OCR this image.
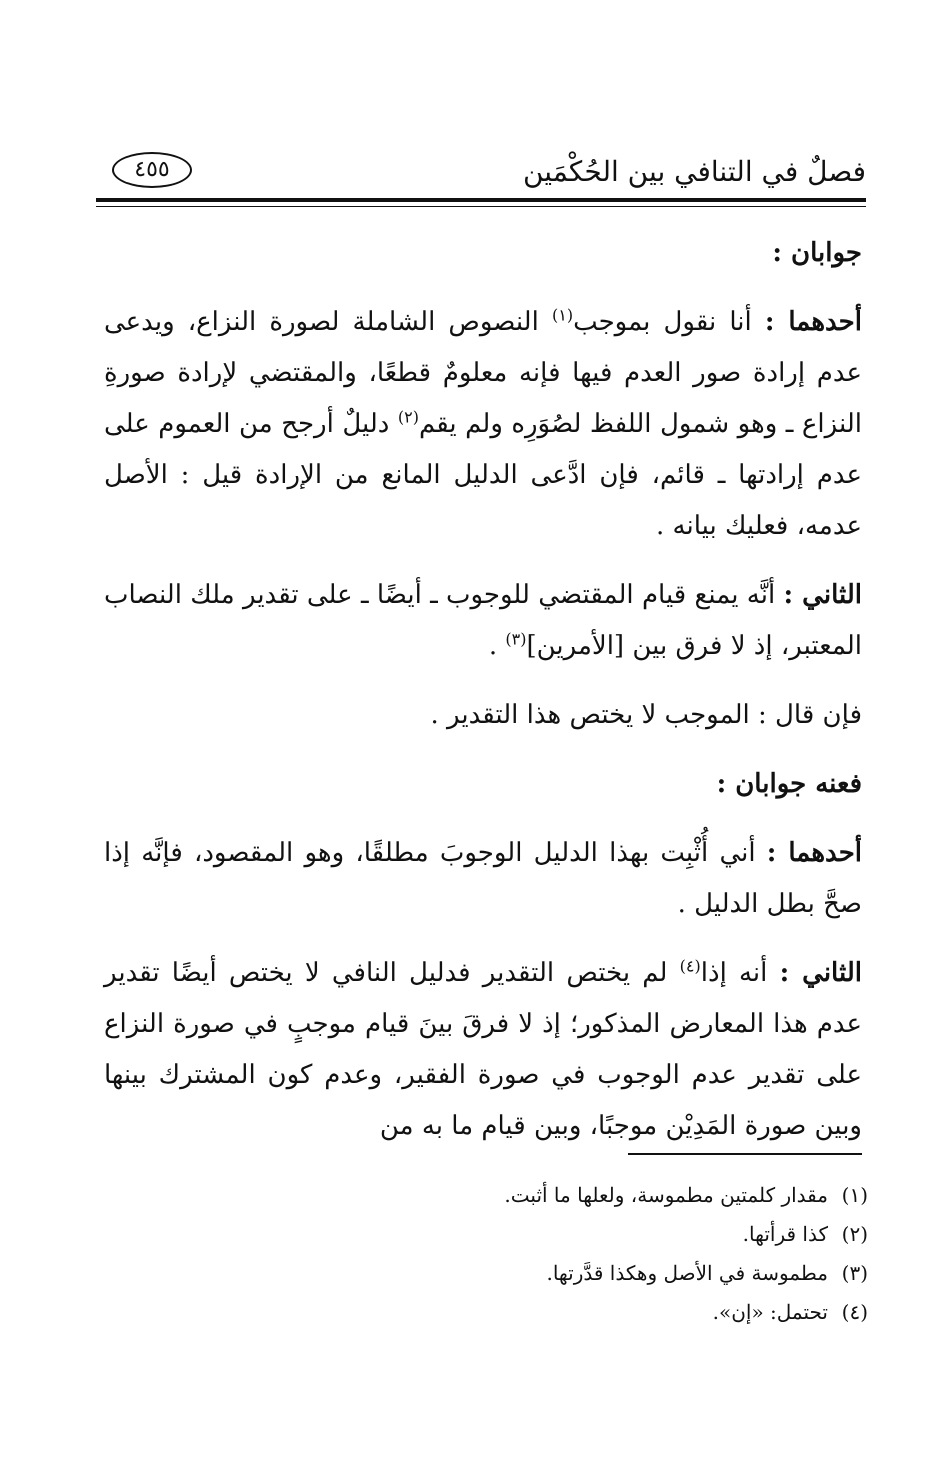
فصلٌ في التنافي بين الحُكْمَين
٤٥٥

جوابان :

أحدهما : أنا نقول بموجب$^{(١)}$ النصوص الشاملة لصورة النزاع، ويدعى عدم إرادة صور العدم فيها فإنه معلومٌ قطعًا، والمقتضي لإرادة صورةِ النزاع ـ وهو شمول اللفظ لصُوَرِه ولم يقم$^{(٢)}$ دليلٌ أرجح من العموم على عدم إرادتها ـ قائم، فإن ادَّعى الدليل المانع من الإرادة قيل : الأصل عدمه، فعليك بيانه .

الثاني : أنَّه يمنع قيام المقتضي للوجوب ـ أيضًا ـ على تقدير ملك النصاب المعتبر، إذ لا فرق بين [الأمرين]$^{(٣)}$ .

فإن قال : الموجب لا يختص هذا التقدير .

فعنه جوابان :

أحدهما : أني أُثْبِت بهذا الدليل الوجوبَ مطلقًا، وهو المقصود، فإنَّه إذا صحَّ بطل الدليل .

الثاني : أنه إذا$^{(٤)}$ لم يختص التقدير فدليل النافي لا يختص أيضًا تقدير عدم هذا المعارض المذكور؛ إذ لا فرقَ بينَ قيام موجبٍ في صورة النزاع على تقدير عدم الوجوب في صورة الفقير، وعدم كون المشترك بينها وبين صورة المَدِيْن موجبًا، وبين قيام ما به من

(١)مقدار كلمتين مطموسة، ولعلها ما أثبت.
(٢)كذا قرأتها.
(٣)مطموسة في الأصل وهكذا قدَّرتها.
(٤)تحتمل: «إن».
